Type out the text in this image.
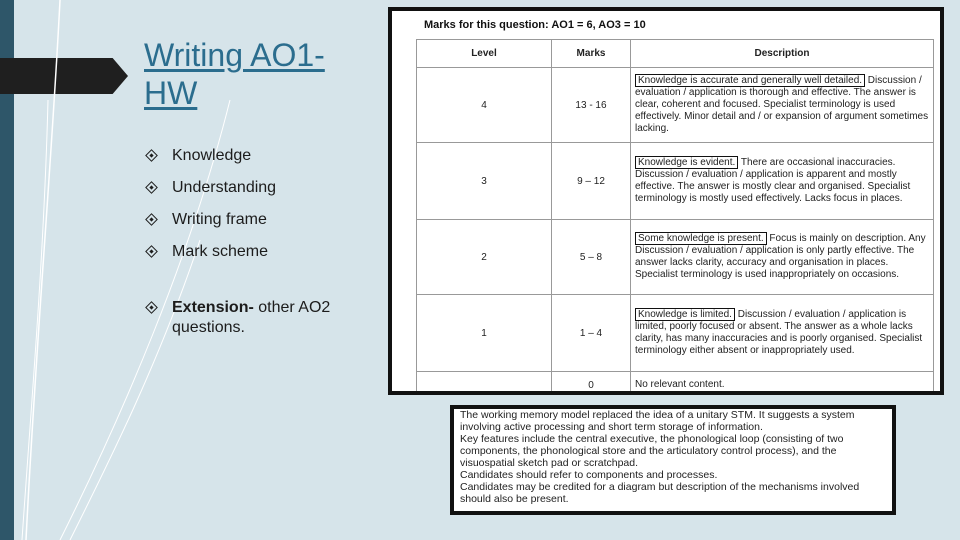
Writing AO1- HW
Knowledge
Understanding
Writing frame
Mark scheme
Extension- other AO2 questions.
Marks for this question: AO1 = 6, AO3 = 10
Level	Marks	Description
4	13 - 16	Knowledge is accurate and generally well detailed. Discussion / evaluation / application is thorough and effective. The answer is clear, coherent and focused. Specialist terminology is used effectively. Minor detail and / or expansion of argument sometimes lacking.
3	9 – 12	Knowledge is evident. There are occasional inaccuracies. Discussion / evaluation / application is apparent and mostly effective. The answer is mostly clear and organised. Specialist terminology is mostly used effectively. Lacks focus in places.
2	5 – 8	Some knowledge is present. Focus is mainly on description. Any Discussion / evaluation / application is only partly effective. The answer lacks clarity, accuracy and organisation in places. Specialist terminology is used inappropriately on occasions.
1	1 – 4	Knowledge is limited. Discussion / evaluation / application is limited, poorly focused or absent. The answer as a whole lacks clarity, has many inaccuracies and is poorly organised. Specialist terminology either absent or inappropriately used.
	0	No relevant content.

The working memory model replaced the idea of a unitary STM. It suggests a system involving active processing and short term storage of information.

Key features include the central executive, the phonological loop (consisting of two components, the phonological store and the articulatory control process), and the visuospatial sketch pad or scratchpad.

Candidates should refer to components and processes.

Candidates may be credited for a diagram but description of the mechanisms involved should also be present.
